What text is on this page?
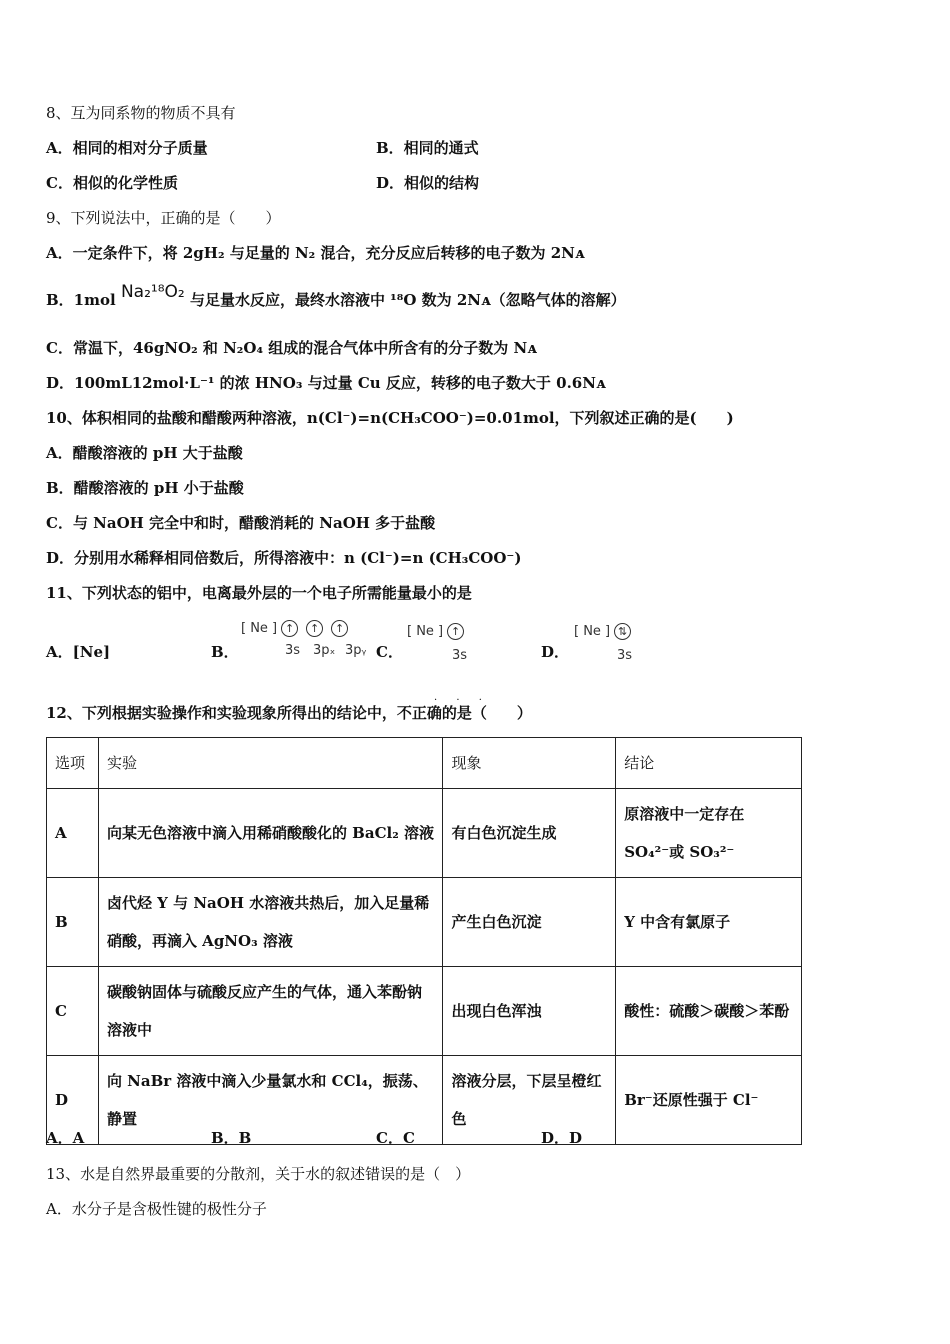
8、互为同系物的物质不具有
A．相同的相对分子质量	B．相同的通式
C．相似的化学性质	D．相似的结构
9、下列说法中，正确的是（　　）
A．一定条件下，将 2gH₂ 与足量的 N₂ 混合，充分反应后转移的电子数为 2Nᴀ
B．1mol Na₂¹⁸O₂ 与足量水反应，最终水溶液中 ¹⁸O 数为 2Nᴀ（忽略气体的溶解）
C．常温下，46gNO₂ 和 N₂O₄ 组成的混合气体中所含有的分子数为 Nᴀ
D．100mL12mol·L⁻¹ 的浓 HNO₃ 与过量 Cu 反应，转移的电子数大于 0.6Nᴀ
10、体积相同的盐酸和醋酸两种溶液，n(Cl⁻)=n(CH₃COO⁻)=0.01mol，下列叙述正确的是(　　)
A．醋酸溶液的 pH 大于盐酸
B．醋酸溶液的 pH 小于盐酸
C．与 NaOH 完全中和时，醋酸消耗的 NaOH 多于盐酸
D．分别用水稀释相同倍数后，所得溶液中：n (Cl⁻)=n (CH₃COO⁻)
11、下列状态的铝中，电离最外层的一个电子所需能量最小的是
A．[Ne]	B．
[ Ne ] ↑ ↑ ↑
3s 3pₓ 3pᵧ C．
[ Ne ] ↑
3s	D．
[ Ne ] ⇅
3s
· · ·
12、下列根据实验操作和实验现象所得出的结论中，不正确的是（　　）
选项	实验	现象	结论
A	向某无色溶液中滴入用稀硝酸酸化的 BaCl₂ 溶液	有白色沉淀生成	原溶液中一定存在 SO₄²⁻或 SO₃²⁻
B	卤代烃 Y 与 NaOH 水溶液共热后，加入足量稀硝酸，再滴入 AgNO₃ 溶液	产生白色沉淀	Y 中含有氯原子
C	碳酸钠固体与硫酸反应产生的气体，通入苯酚钠溶液中	出现白色浑浊	酸性：硫酸＞碳酸＞苯酚
D	向 NaBr 溶液中滴入少量氯水和 CCl₄，振荡、静置	溶液分层，下层呈橙红色	Br⁻还原性强于 Cl⁻
A．A	B．B	C．C	D．D
13、水是自然界最重要的分散剂，关于水的叙述错误的是（　）
A．水分子是含极性键的极性分子
